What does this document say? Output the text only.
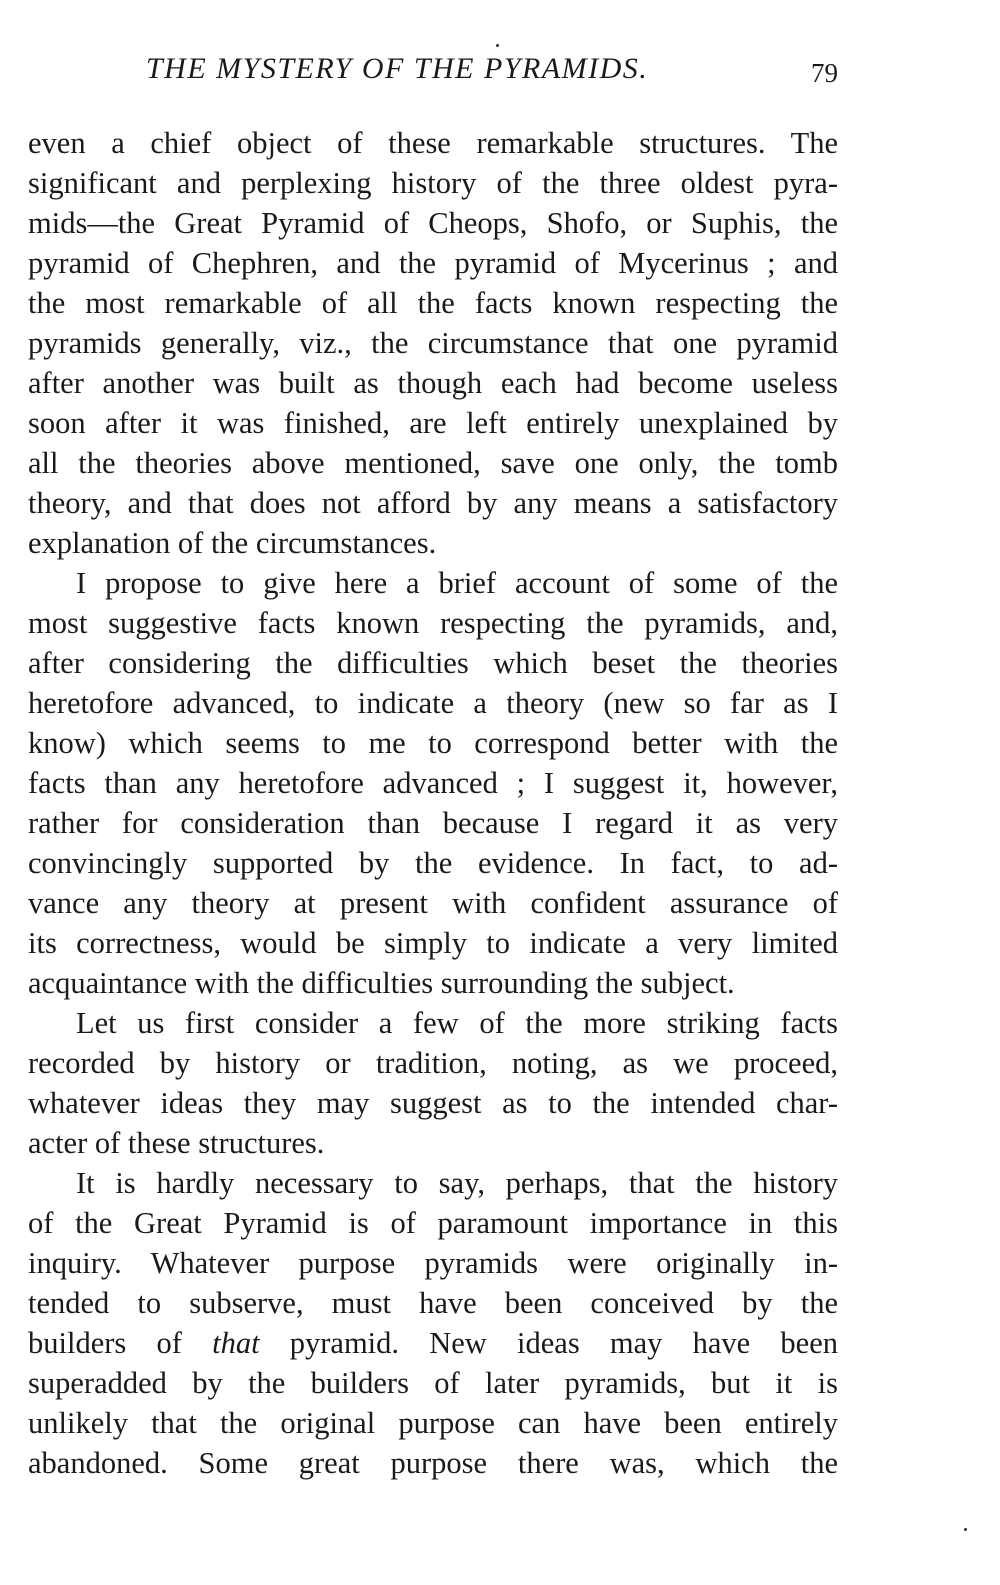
THE MYSTERY OF THE PYRAMIDS.	79
even a chief object of these remarkable structures. The
significant and perplexing history of the three oldest pyra-
mids—the Great Pyramid of Cheops, Shofo, or Suphis, the
pyramid of Chephren, and the pyramid of Mycerinus ; and
the most remarkable of all the facts known respecting the
pyramids generally, viz., the circumstance that one pyramid
after another was built as though each had become useless
soon after it was finished, are left entirely unexplained by
all the theories above mentioned, save one only, the tomb
theory, and that does not afford by any means a satisfactory
explanation of the circumstances.
I propose to give here a brief account of some of the
most suggestive facts known respecting the pyramids, and,
after considering the difficulties which beset the theories
heretofore advanced, to indicate a theory (new so far as I
know) which seems to me to correspond better with the
facts than any heretofore advanced ; I suggest it, however,
rather for consideration than because I regard it as very
convincingly supported by the evidence. In fact, to ad-
vance any theory at present with confident assurance of
its correctness, would be simply to indicate a very limited
acquaintance with the difficulties surrounding the subject.
Let us first consider a few of the more striking facts
recorded by history or tradition, noting, as we proceed,
whatever ideas they may suggest as to the intended char-
acter of these structures.
It is hardly necessary to say, perhaps, that the history
of the Great Pyramid is of paramount importance in this
inquiry. Whatever purpose pyramids were originally in-
tended to subserve, must have been conceived by the
builders of that pyramid. New ideas may have been
superadded by the builders of later pyramids, but it is
unlikely that the original purpose can have been entirely
abandoned. Some great purpose there was, which the
